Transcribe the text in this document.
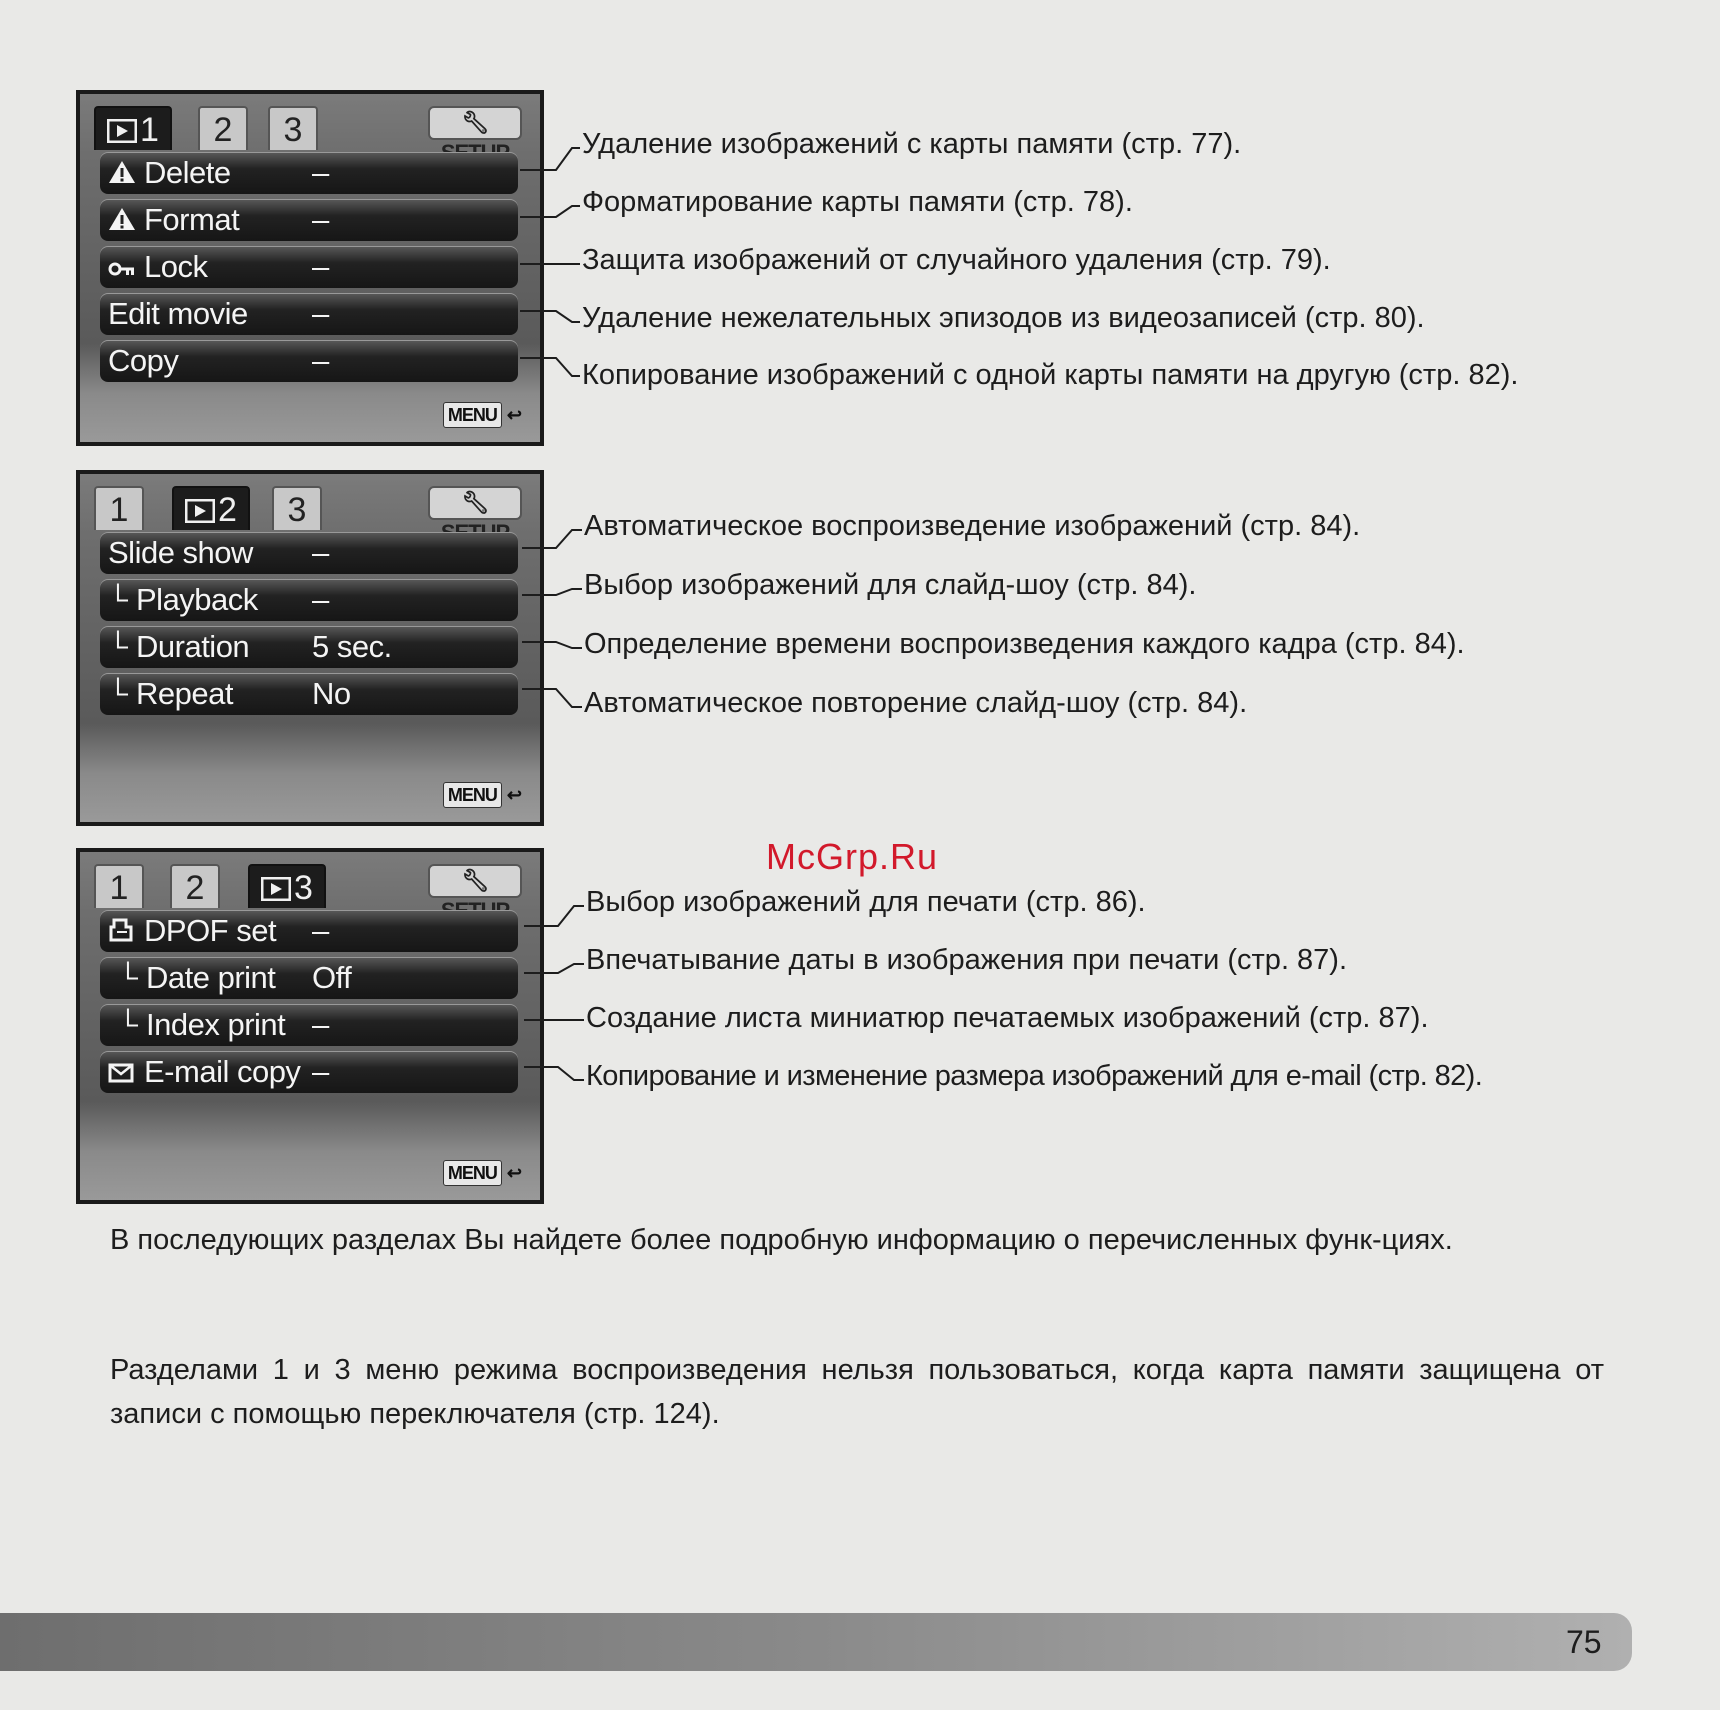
1	2	3	🔧︎
Delete	–
Format –
Lock	–
Edit movie –
Copy	–
MENU ↩︎
1	2	3	🔧︎
Slide show –
└ Playback –
└ Duration 5 sec.
└ Repeat	No
MENU ↩︎
1	2	3	🔧︎
DPOF set –
└ Date print Off
└ Index print –
E-mail copy –
MENU ↩︎
Удаление изображений с карты памяти (стр. 77).
Форматирование карты памяти (стр. 78).
Защита изображений от случайного удаления (стр. 79).
Удаление нежелательных эпизодов из видеозаписей (стр. 80).
Копирование изображений с одной карты памяти на другую (стр. 82).
Автоматическое воспроизведение изображений (стр. 84).
Выбор изображений для слайд-шоу (стр. 84).
Определение времени воспроизведения каждого кадра (стр. 84).
Автоматическое повторение слайд-шоу (стр. 84).
Выбор изображений для печати (стр. 86).
Впечатывание даты в изображения при печати (стр. 87).
Создание листа миниатюр печатаемых изображений (стр. 87).
Копирование и изменение размера изображений для e-mail (стр. 82).
McGrp.Ru
В последующих разделах Вы найдете более подробную информацию о перечисленных функ-циях.
Разделами 1 и 3 меню режима воспроизведения нельзя пользоваться, когда карта памяти защищена от записи с помощью переключателя (стр. 124).
75
